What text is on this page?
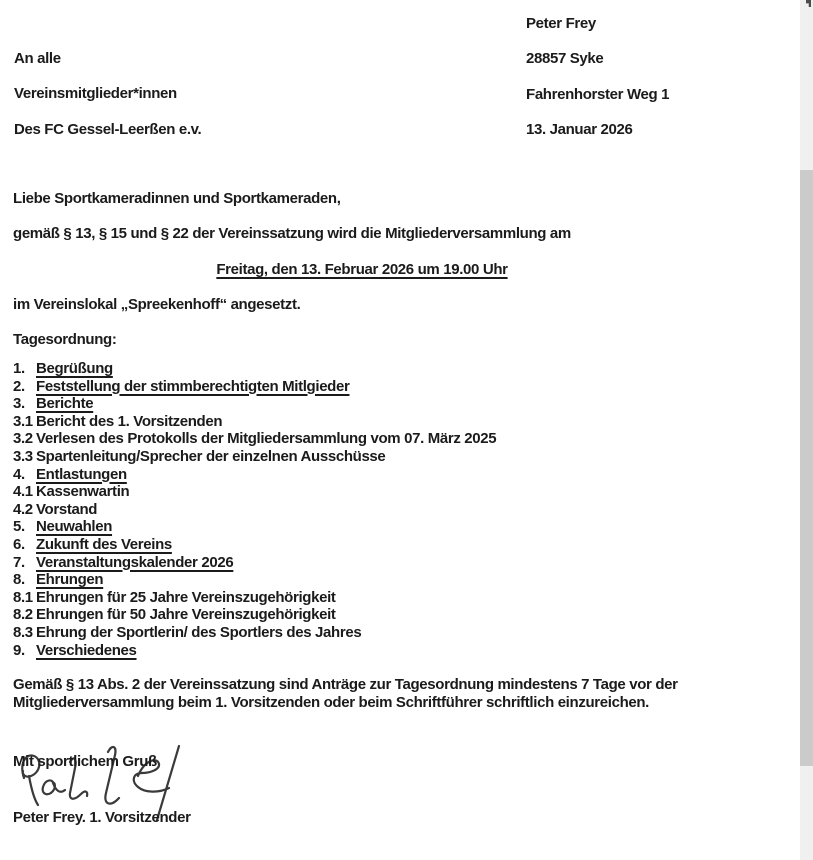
Peter Frey
28857 Syke
Fahrenhorster Weg 1
13. Januar 2026
An alle
Vereinsmitglieder*innen
Des FC Gessel-Leerßen e.v.
Liebe Sportkameradinnen und Sportkameraden,
gemäß § 13, § 15 und § 22 der Vereinssatzung wird die Mitgliederversammlung am
Freitag, den 13. Februar 2026 um 19.00 Uhr
im Vereinslokal „Spreekenhoff“ angesetzt.
Tagesordnung:
1. Begrüßung
2. Feststellung der stimmberechtigten Mitlgieder
3. Berichte
3.1 Bericht des 1. Vorsitzenden
3.2 Verlesen des Protokolls der Mitgliedersammlung vom 07. März 2025
3.3 Spartenleitung/Sprecher der einzelnen Ausschüsse
4. Entlastungen
4.1 Kassenwartin
4.2 Vorstand
5. Neuwahlen
6. Zukunft des Vereins
7. Veranstaltungskalender 2026
8. Ehrungen
8.1 Ehrungen für 25 Jahre Vereinszugehörigkeit
8.2 Ehrungen für 50 Jahre Vereinszugehörigkeit
8.3 Ehrung der Sportlerin/ des Sportlers des Jahres
9. Verschiedenes
Gemäß § 13 Abs. 2 der Vereinssatzung sind Anträge zur Tagesordnung mindestens 7 Tage vor der Mitgliederversammlung beim 1. Vorsitzenden oder beim Schriftführer schriftlich einzureichen.
Mit sportlichem Gruß
Peter Frey. 1. Vorsitzender
